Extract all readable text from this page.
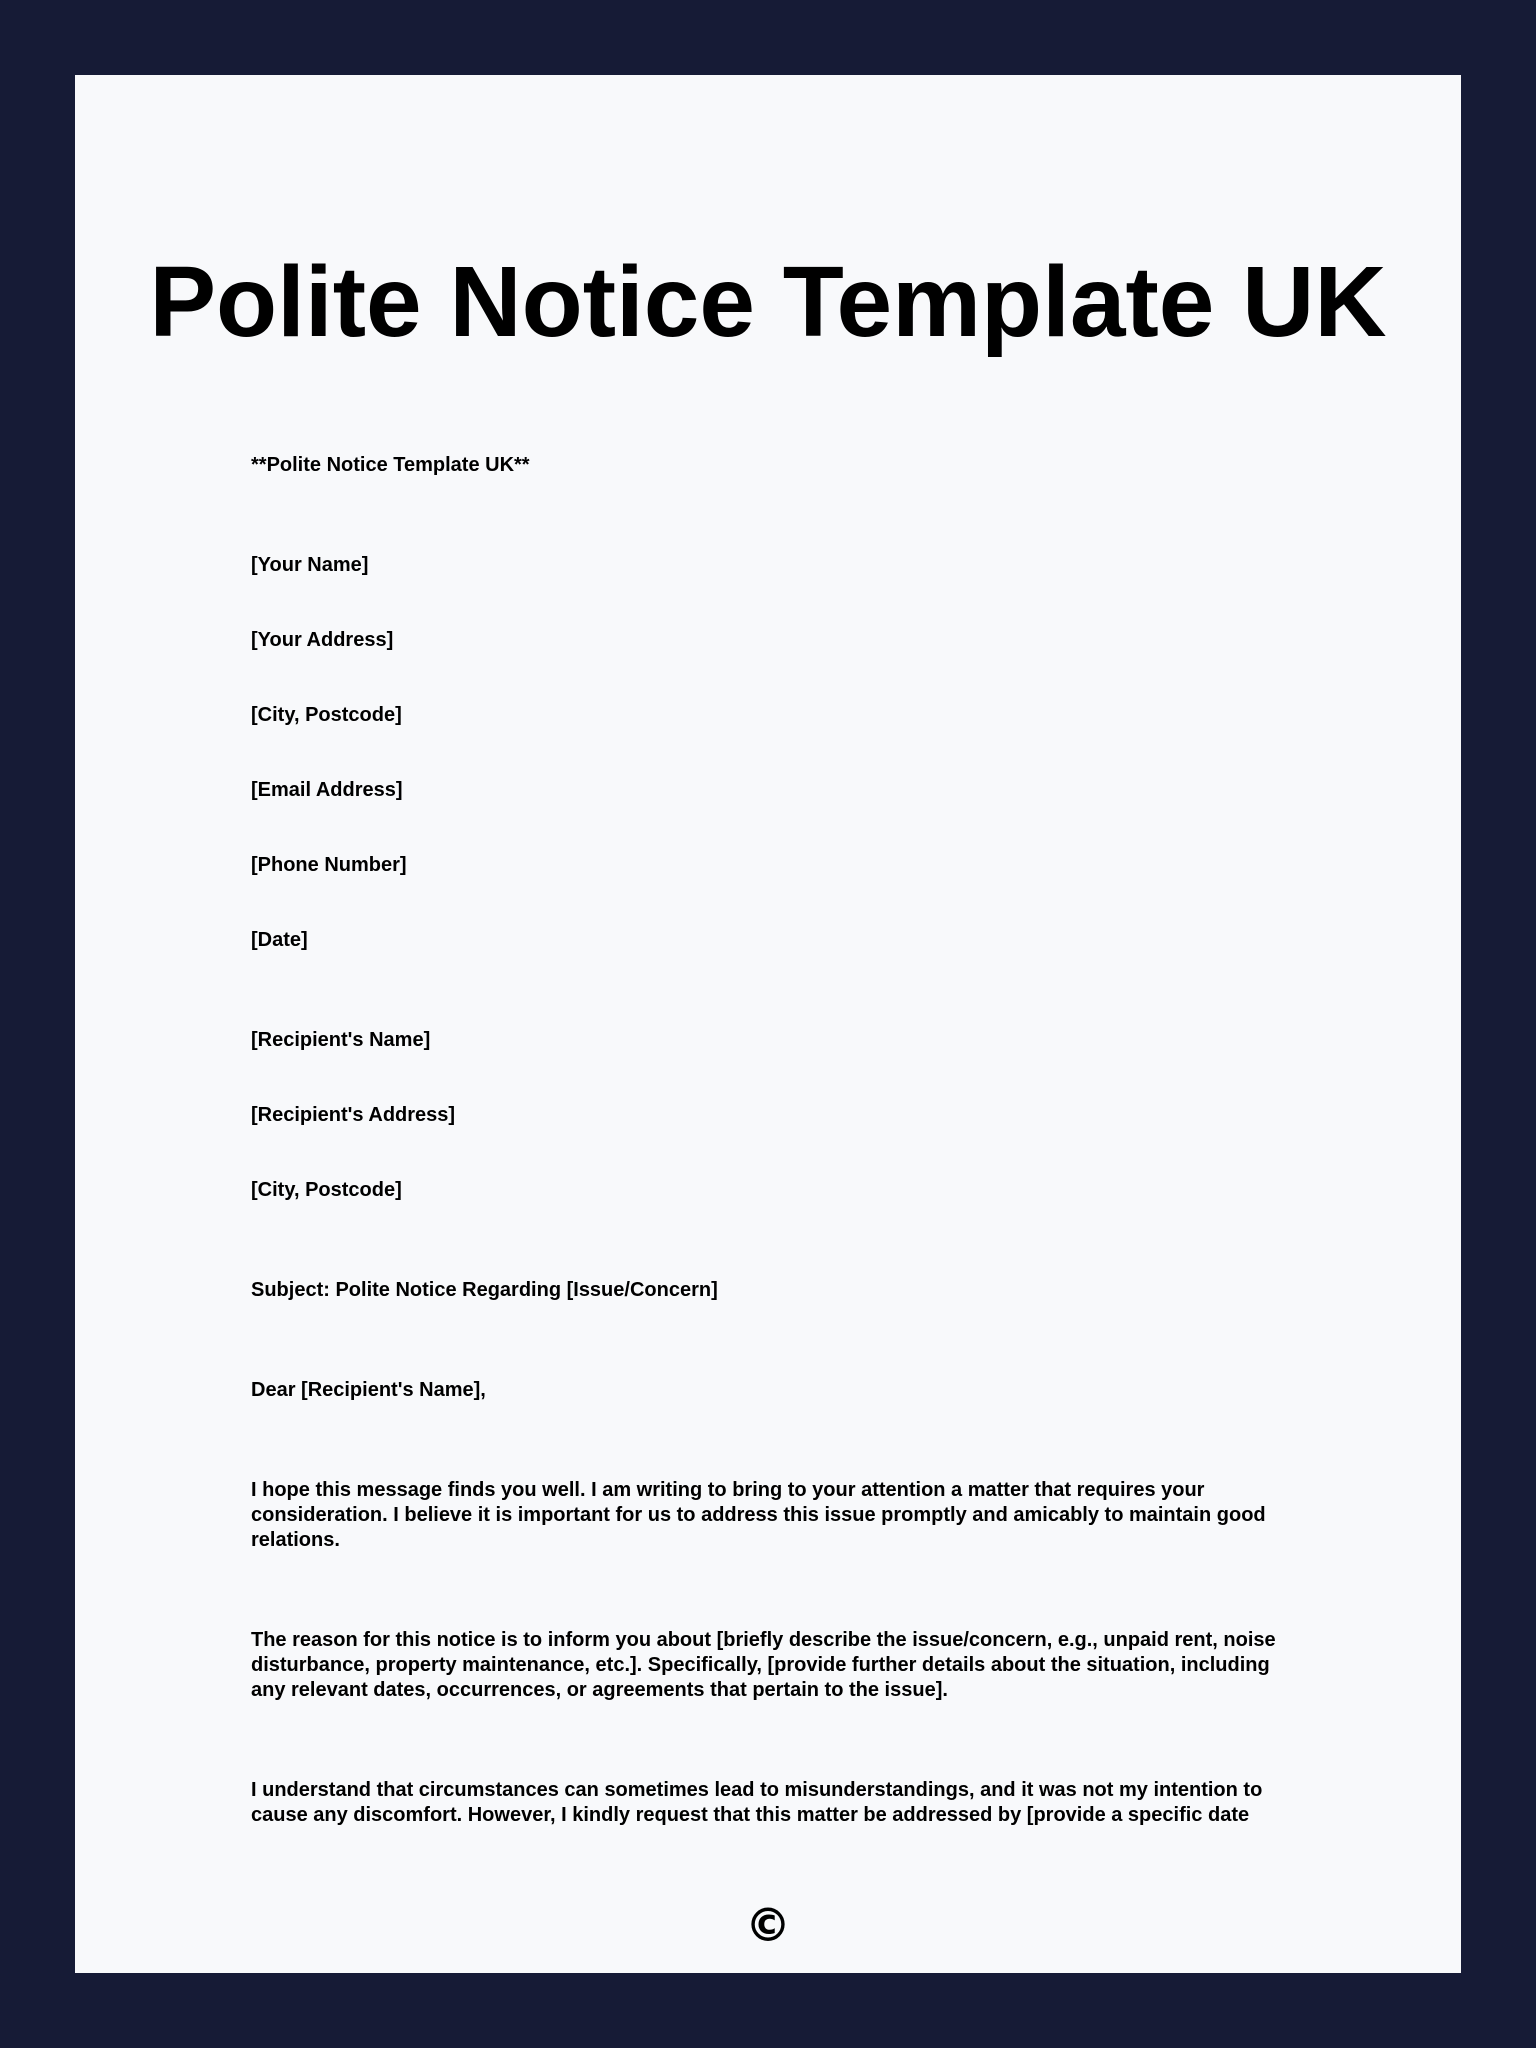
Polite Notice Template UK

**Polite Notice Template UK**

[Your Name]

[Your Address]

[City, Postcode]

[Email Address]

[Phone Number]

[Date]

[Recipient's Name]

[Recipient's Address]

[City, Postcode]

Subject: Polite Notice Regarding [Issue/Concern]

Dear [Recipient's Name],

I hope this message finds you well. I am writing to bring to your attention a matter that requires your consideration. I believe it is important for us to address this issue promptly and amicably to maintain good relations.

The reason for this notice is to inform you about [briefly describe the issue/concern, e.g., unpaid rent, noise disturbance, property maintenance, etc.]. Specifically, [provide further details about the situation, including any relevant dates, occurrences, or agreements that pertain to the issue].

I understand that circumstances can sometimes lead to misunderstandings, and it was not my intention to cause any discomfort. However, I kindly request that this matter be addressed by [provide a specific date

©
